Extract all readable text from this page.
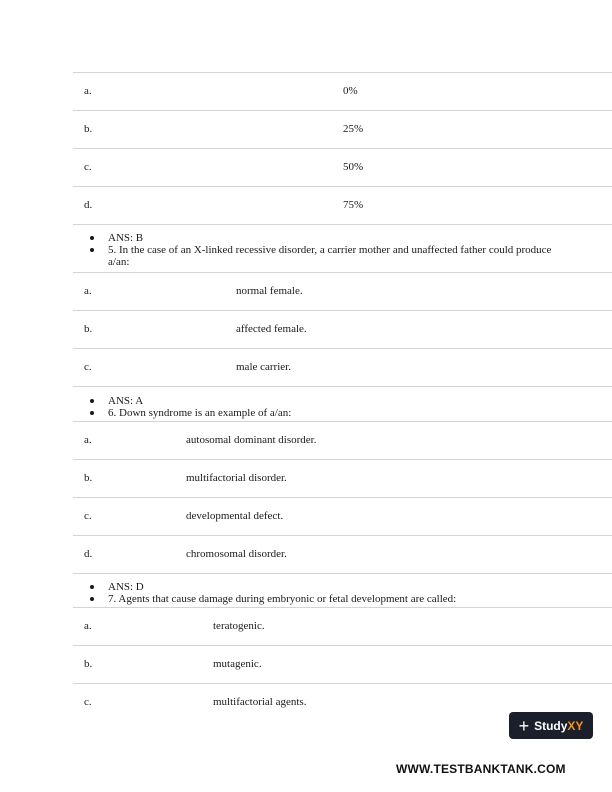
a.	0%
b.	25%
c.	50%
d.	75%
ANS: B
5. In the case of an X-linked recessive disorder, a carrier mother and unaffected father could produce a/an:
a.	normal female.
b.	affected female.
c.	male carrier.
ANS: A
6. Down syndrome is an example of a/an:
a.	autosomal dominant disorder.
b.	multifactorial disorder.
c.	developmental defect.
d.	chromosomal disorder.
ANS: D
7. Agents that cause damage during embryonic or fetal development are called:
a.	teratogenic.
b.	mutagenic.
c.	multifactorial agents.
+ Study XY
WWW.TESTBANKTANK.COM
